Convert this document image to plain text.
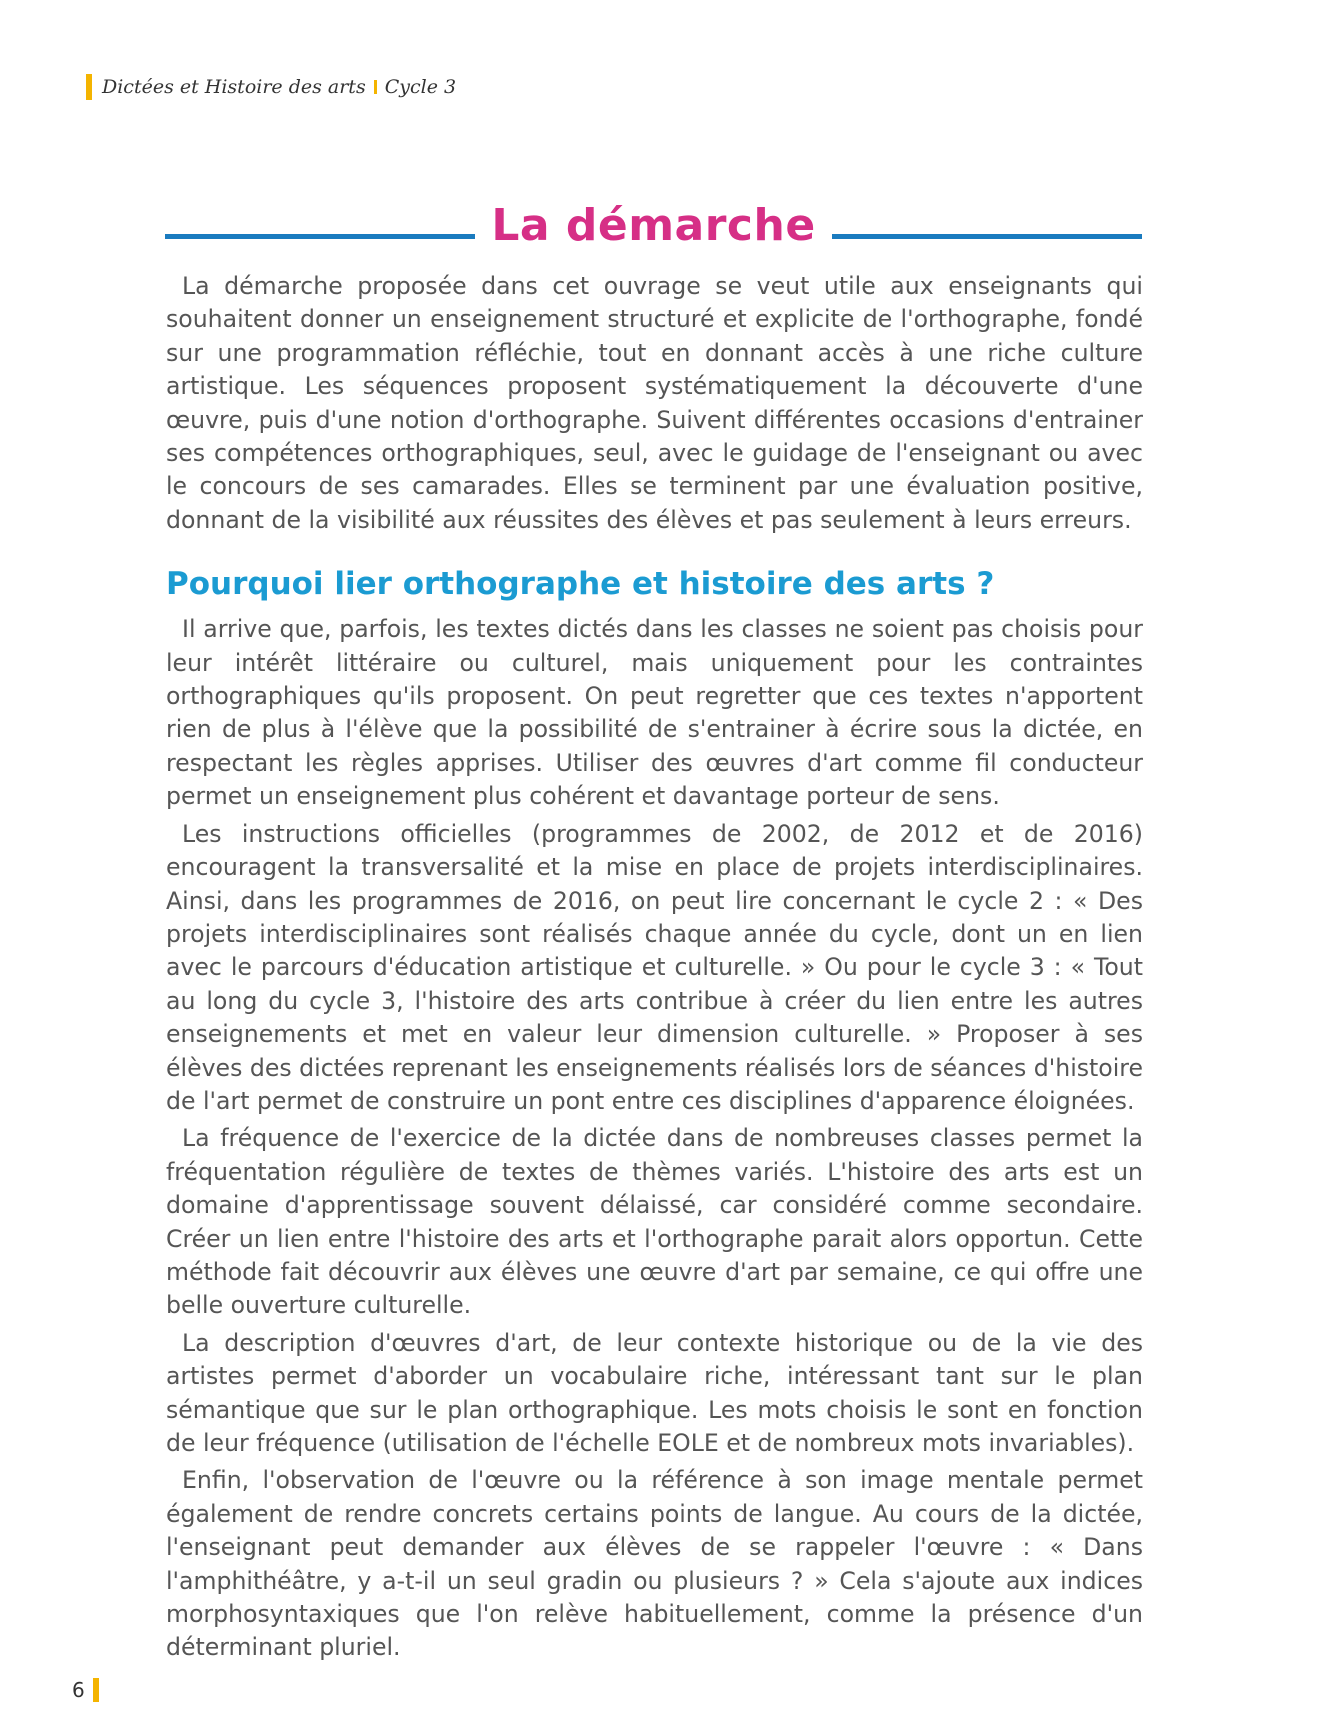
Dictées et Histoire des arts Cycle 3
La démarche

La démarche proposée dans cet ouvrage se veut utile aux enseignants qui souhaitent donner un enseignement structuré et explicite de l'orthographe, fondé sur une programmation réfléchie, tout en donnant accès à une riche culture artistique. Les séquences proposent systématiquement la découverte d'une œuvre, puis d'une notion d'orthographe. Suivent différentes occasions d'entrainer ses compétences orthographiques, seul, avec le guidage de l'enseignant ou avec le concours de ses camarades. Elles se terminent par une évaluation positive, donnant de la visibilité aux réussites des élèves et pas seulement à leurs erreurs.

Pourquoi lier orthographe et histoire des arts ?

Il arrive que, parfois, les textes dictés dans les classes ne soient pas choisis pour leur intérêt littéraire ou culturel, mais uniquement pour les contraintes orthographiques qu'ils proposent. On peut regretter que ces textes n'apportent rien de plus à l'élève que la possibilité de s'entrainer à écrire sous la dictée, en respectant les règles apprises. Utiliser des œuvres d'art comme fil conducteur permet un enseignement plus cohérent et davantage porteur de sens.

Les instructions officielles (programmes de 2002, de 2012 et de 2016) encouragent la transversalité et la mise en place de projets interdisciplinaires. Ainsi, dans les programmes de 2016, on peut lire concernant le cycle 2 : « Des projets interdisciplinaires sont réalisés chaque année du cycle, dont un en lien avec le parcours d'éducation artistique et culturelle. » Ou pour le cycle 3 : « Tout au long du cycle 3, l'histoire des arts contribue à créer du lien entre les autres enseignements et met en valeur leur dimension culturelle. » Proposer à ses élèves des dictées reprenant les enseignements réalisés lors de séances d'histoire de l'art permet de construire un pont entre ces disciplines d'apparence éloignées.

La fréquence de l'exercice de la dictée dans de nombreuses classes permet la fréquentation régulière de textes de thèmes variés. L'histoire des arts est un domaine d'apprentissage souvent délaissé, car considéré comme secondaire. Créer un lien entre l'histoire des arts et l'orthographe parait alors opportun. Cette méthode fait découvrir aux élèves une œuvre d'art par semaine, ce qui offre une belle ouverture culturelle.

La description d'œuvres d'art, de leur contexte historique ou de la vie des artistes permet d'aborder un vocabulaire riche, intéressant tant sur le plan sémantique que sur le plan orthographique. Les mots choisis le sont en fonction de leur fréquence (utilisation de l'échelle EOLE et de nombreux mots invariables).

Enfin, l'observation de l'œuvre ou la référence à son image mentale permet également de rendre concrets certains points de langue. Au cours de la dictée, l'enseignant peut demander aux élèves de se rappeler l'œuvre : « Dans l'amphithéâtre, y a-t-il un seul gradin ou plusieurs ? » Cela s'ajoute aux indices morphosyntaxiques que l'on relève habituellement, comme la présence d'un déterminant pluriel.

6
